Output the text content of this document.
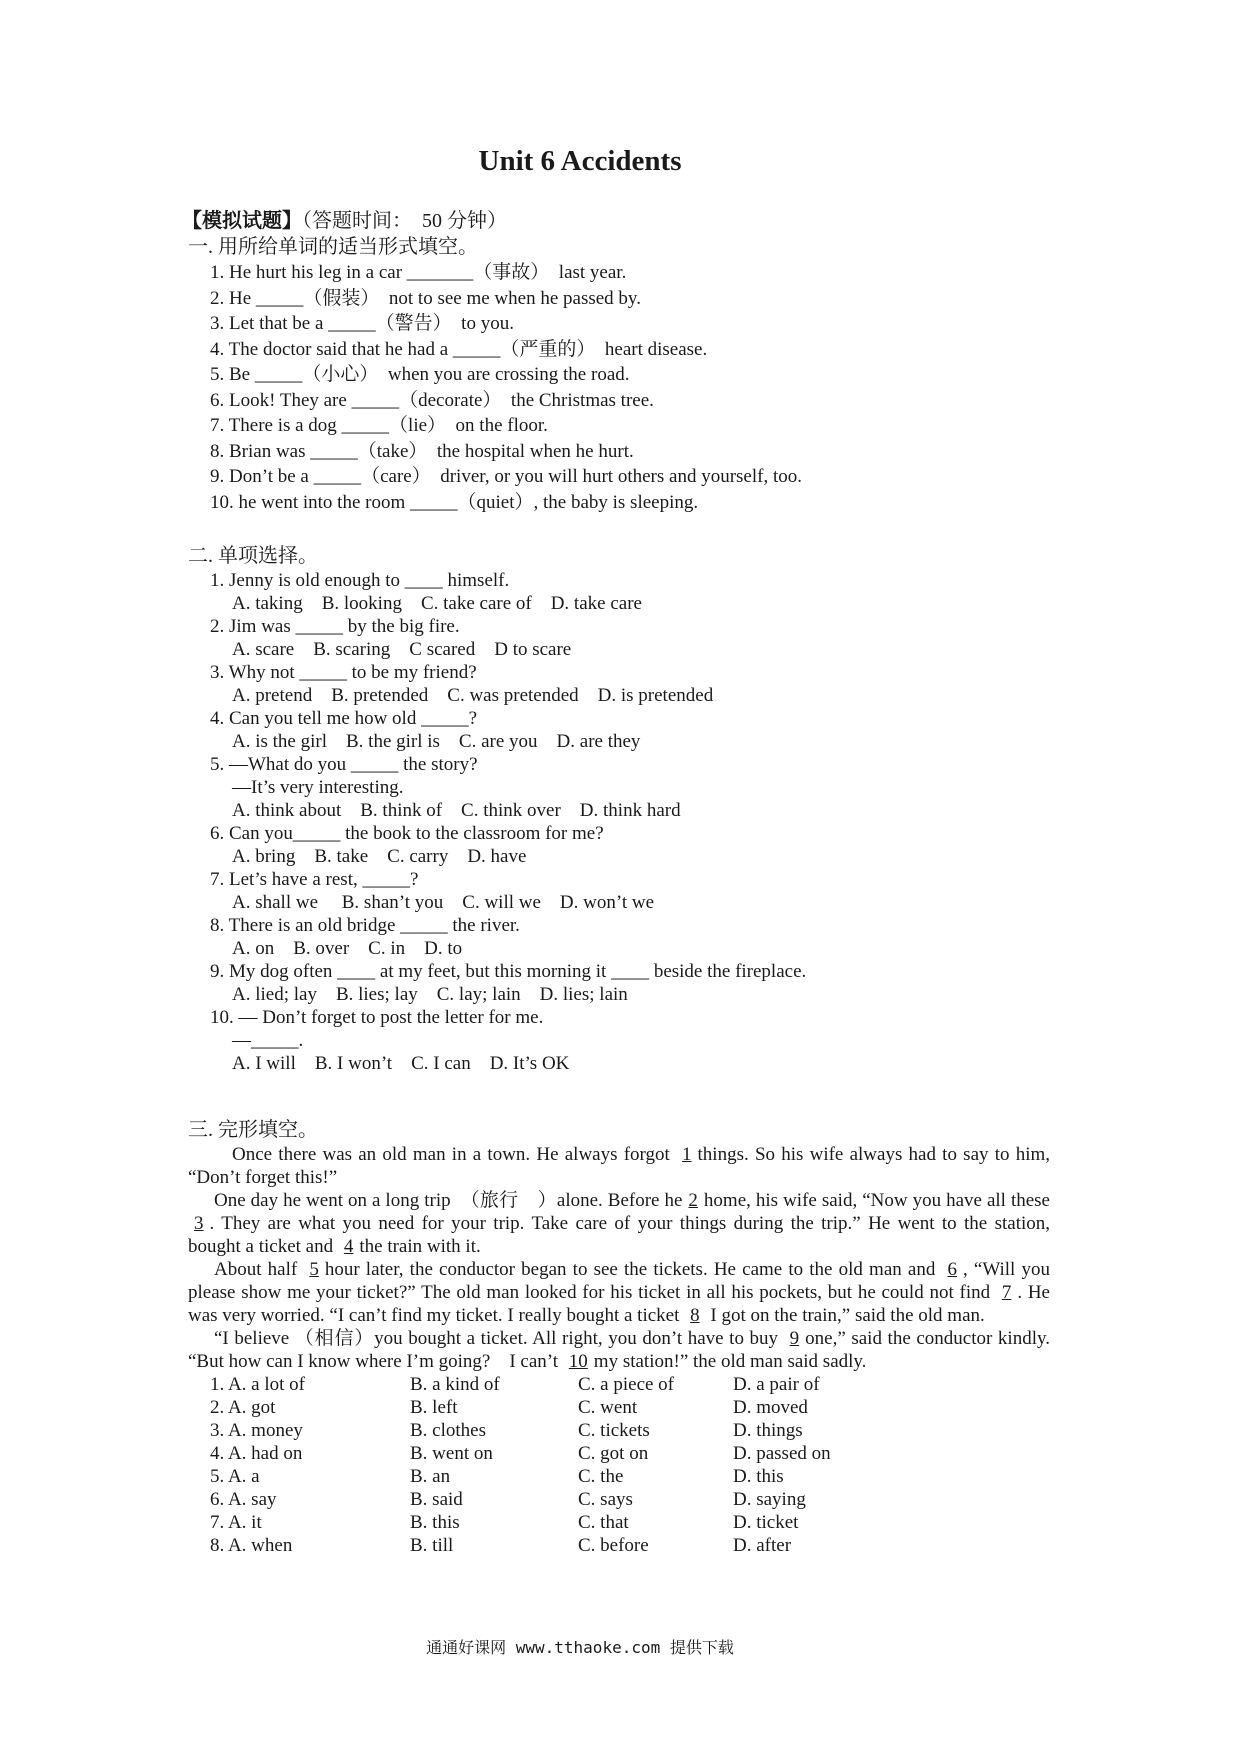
Unit 6 Accidents
【模拟试题】（答题时间：　50 分钟）
一. 用所给单词的适当形式填空。
1. He hurt his leg in a car _______（事故）　last year.
2. He _____（假装）　not to see me when he passed by.
3. Let that be a _____（警告）　to you.
4. The doctor said that he had a _____（严重的）　heart disease.
5. Be _____（小心）　when you are crossing the road.
6. Look! They are _____（decorate）　the Christmas tree.
7. There is a dog _____（lie）　on the floor.
8. Brian was _____（take）　the hospital when he hurt.
9. Don’t be a _____（care）　driver, or you will hurt others and yourself, too.
10. he went into the room _____（quiet）, the baby is sleeping.
二. 单项选择。
1. Jenny is old enough to ____ himself.
A. taking　B. looking　C. take care of　D. take care
2. Jim was _____ by the big fire.
A. scare　B. scaring　C scared　D to scare
3. Why not _____ to be my friend?
A. pretend　B. pretended　C. was pretended　D. is pretended
4. Can you tell me how old _____?
A. is the girl　B. the girl is　C. are you　D. are they
5. —What do you _____ the story?
—It’s very interesting.
A. think about　B. think of　C. think over　D. think hard
6. Can you_____ the book to the classroom for me?
A. bring　B. take　C. carry　D. have
7. Let’s have a rest, _____?
A. shall we　 B. shan’t you　C. will we　D. won’t we
8. There is an old bridge _____ the river.
A. on　B. over　C. in　D. to
9. My dog often ____ at my feet, but this morning it ____ beside the fireplace.
A. lied; lay　B. lies; lay　C. lay; lain　D. lies; lain
10. — Don’t forget to post the letter for me.
—_____.
A. I will　B. I won’t　C. I can　D. It’s OK
三. 完形填空。

Once there was an old man in a town. He always forgot 1 things. So his wife always had to say to him, “Don’t forget this!”

One day he went on a long trip　（旅行　）alone. Before he 2 home, his wife said, “Now you have all these 3 . They are what you need for your trip. Take care of your things during the trip.” He went to the station, bought a ticket and 4 the train with it.

About half 5 hour later, the conductor began to see the tickets. He came to the old man and 6 , “Will you please show me your ticket?” The old man looked for his ticket in all his pockets, but he could not find 7 . He was very worried. “I can’t find my ticket. I really bought a ticket 8 I got on the train,” said the old man.

“I believe （相信）you bought a ticket. All right, you don’t have to buy 9 one,” said the conductor kindly. “But how can I know where I’m going?　I can’t 10 my station!” the old man said sadly.

1. A. a lot of	B. a kind of	C. a piece of	D. a pair of
2. A. got	B. left	C. went	D. moved
3. A. money	B. clothes	C. tickets	D. things
4. A. had on	B. went on	C. got on	D. passed on
5. A. a	B. an	C. the	D. this
6. A. say	B. said	C. says	D. saying
7. A. it	B. this	C. that	D. ticket
8. A. when	B. till	C. before	D. after
通通好课网 www.tthaoke.com 提供下载
